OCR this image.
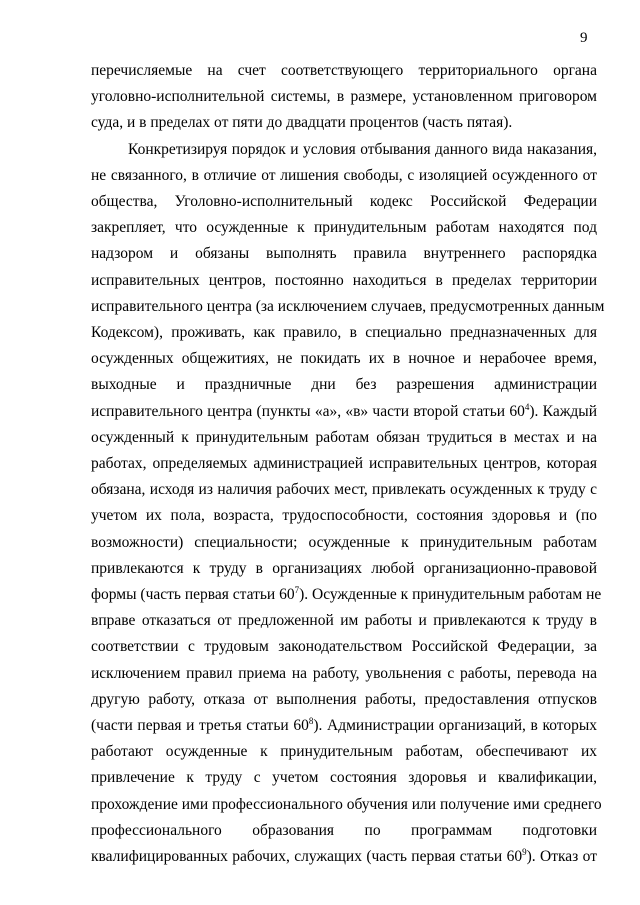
9

перечисляемые на счет соответствующего территориального органа
уголовно-исполнительной системы, в размере, установленном приговором
суда, и в пределах от пяти до двадцати процентов (часть пятая).

Конкретизируя порядок и условия отбывания данного вида наказания,
не связанного, в отличие от лишения свободы, с изоляцией осужденного от
общества, Уголовно-исполнительный кодекс Российской Федерации
закрепляет, что осужденные к принудительным работам находятся под
надзором и обязаны выполнять правила внутреннего распорядка
исправительных центров, постоянно находиться в пределах территории
исправительного центра (за исключением случаев, предусмотренных данным
Кодексом), проживать, как правило, в специально предназначенных для
осужденных общежитиях, не покидать их в ночное и нерабочее время,
выходные и праздничные дни без разрешения администрации
исправительного центра (пункты «а», «в» части второй статьи $60^4$). Каждый
осужденный к принудительным работам обязан трудиться в местах и на
работах, определяемых администрацией исправительных центров, которая
обязана, исходя из наличия рабочих мест, привлекать осужденных к труду с
учетом их пола, возраста, трудоспособности, состояния здоровья и (по
возможности) специальности; осужденные к принудительным работам
привлекаются к труду в организациях любой организационно-правовой
формы (часть первая статьи $60^7$). Осужденные к принудительным работам не
вправе отказаться от предложенной им работы и привлекаются к труду в
соответствии с трудовым законодательством Российской Федерации, за
исключением правил приема на работу, увольнения с работы, перевода на
другую работу, отказа от выполнения работы, предоставления отпусков
(части первая и третья статьи $60^8$). Администрации организаций, в которых
работают осужденные к принудительным работам, обеспечивают их
привлечение к труду с учетом состояния здоровья и квалификации,
прохождение ими профессионального обучения или получение ими среднего
профессионального образования по программам подготовки
квалифицированных рабочих, служащих (часть первая статьи $60^9$). Отказ от
